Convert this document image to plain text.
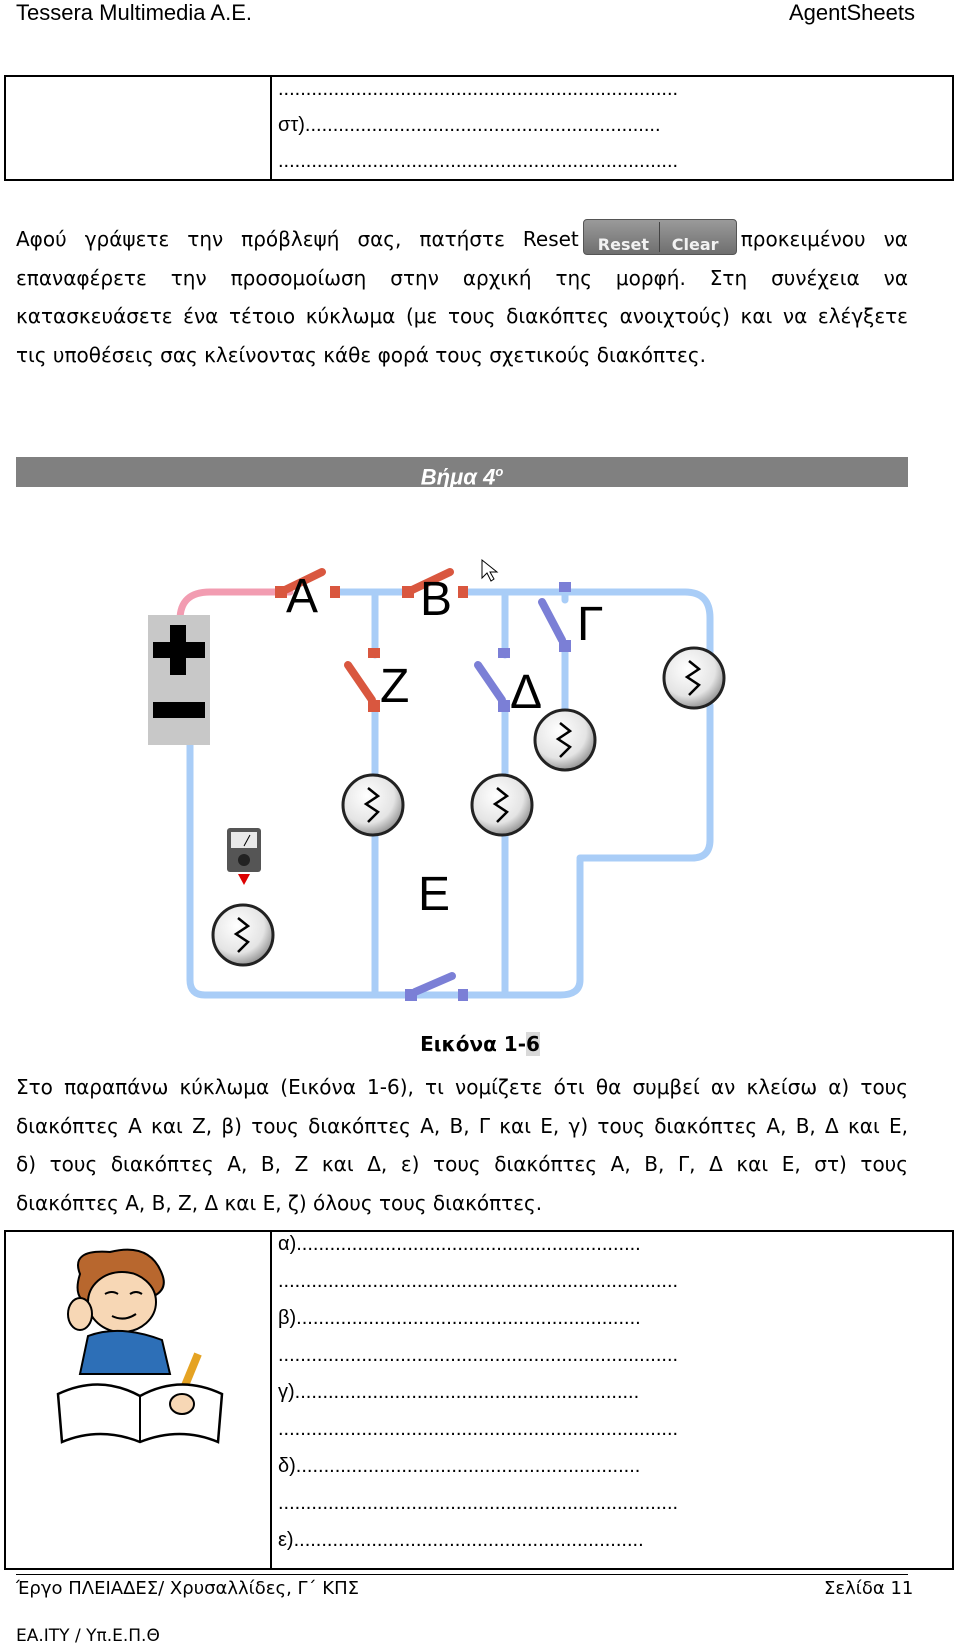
Tessera Multimedia A.E.	AgentSheets
........................................................................
στ)................................................................
........................................................................
Αφού γράψετε την πρόβλεψή σας, πατήστε Reset Reset Clear προκειμένου να
επαναφέρετε την προσομοίωση στην αρχική της μορφή. Στη συνέχεια να
κατασκευάσετε ένα τέτοιο κύκλωμα (με τους διακόπτες ανοιχτούς) και να ελέγξετε
τις υποθέσεις σας κλείνοντας κάθε φορά τους σχετικούς διακόπτες.
Βήμα $4^o$
A B	Γ
Z Δ
E
Εικόνα 1-6
Στο παραπάνω κύκλωμα (Εικόνα 1-6), τι νομίζετε ότι θα συμβεί αν κλείσω α) τους
διακόπτες Α και Ζ, β) τους διακόπτες Α, Β, Γ και Ε, γ) τους διακόπτες Α, Β, Δ και Ε,
δ) τους διακόπτες Α, Β, Ζ και Δ, ε) τους διακόπτες Α, Β, Γ, Δ και Ε, στ) τους
διακόπτες Α, Β, Ζ, Δ και Ε, ζ) όλους τους διακόπτες.
α)..............................................................
........................................................................
β)..............................................................
........................................................................
γ)..............................................................
........................................................................
δ)..............................................................
........................................................................
ε)...............................................................
Έργο ΠΛΕΙΑΔΕΣ/ Χρυσαλλίδες, Γ΄ ΚΠΣ	Σελίδα 11
ΕΑ.ΙΤΥ / Υπ.Ε.Π.Θ
